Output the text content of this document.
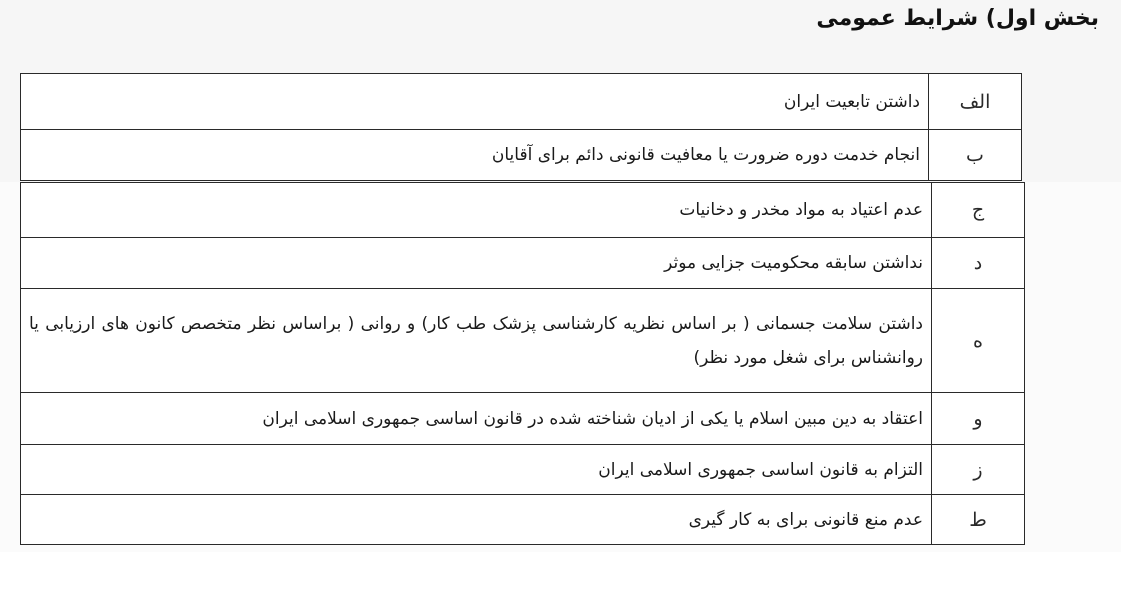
بخش اول) شرایط عمومی
الف	داشتن تابعیت ایران
ب	انجام خدمت دوره ضرورت یا معافیت قانونی دائم برای آقایان
ج	عدم اعتیاد به مواد مخدر و دخانیات
د	نداشتن سابقه محکومیت جزایی موثر
ه	داشتن سلامت جسمانی ( بر اساس نظریه کارشناسی پزشک طب کار) و روانی ( براساس نظر متخصص کانون های ارزیابی یا روانشناس برای شغل مورد نظر)
و	اعتقاد به دین مبین اسلام یا یکی از ادیان شناخته شده در قانون اساسی جمهوری اسلامی ایران
ز	التزام به قانون اساسی جمهوری اسلامی ایران
ط	عدم منع قانونی برای به کار گیری
